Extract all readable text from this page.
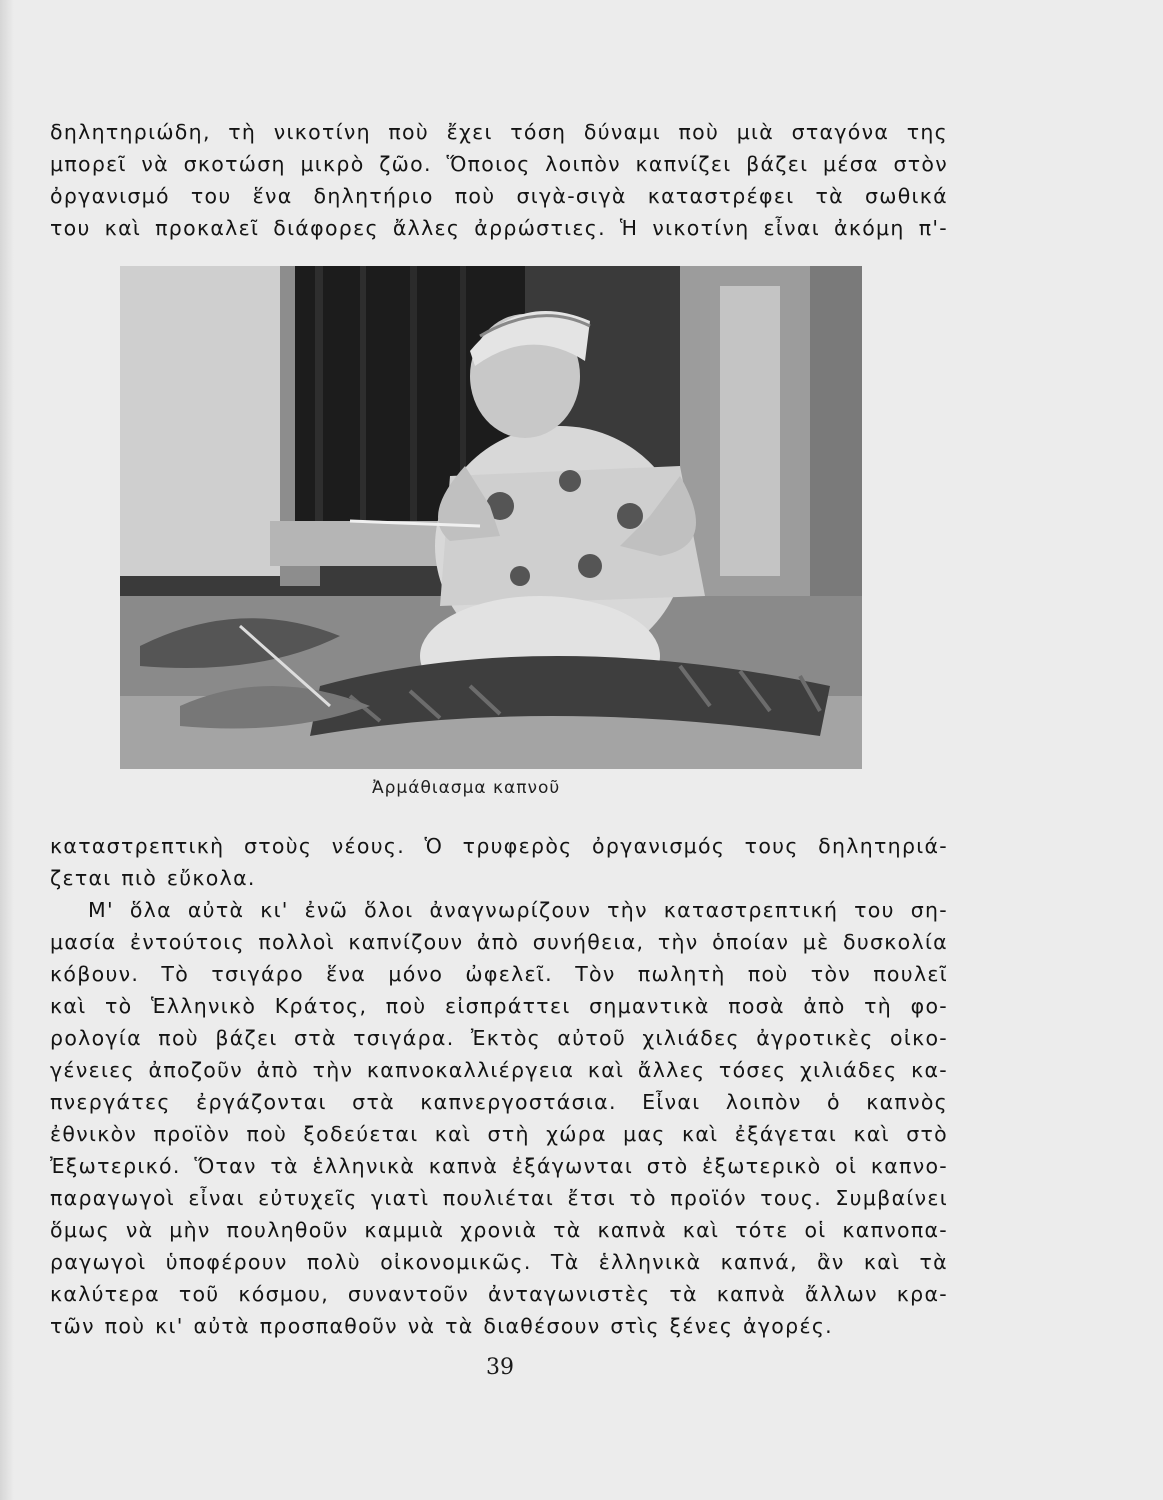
δηλητηριώδη, τὴ νικοτίνη ποὺ ἔχει τόση δύναμι ποὺ μιὰ σταγόνα της
μπορεῖ νὰ σκοτώση μικρὸ ζῶο. Ὅποιος λοιπὸν καπνίζει βάζει μέσα στὸν
ὀργανισμό του ἕνα δηλητήριο ποὺ σιγὰ-σιγὰ καταστρέφει τὰ σωθικά
του καὶ προκαλεῖ διάφορες ἄλλες ἀρρώστιες. Ἡ νικοτίνη εἶναι ἀκόμη π'-
Ἀρμάθιασμα καπνοῦ
καταστρεπτικὴ στοὺς νέους. Ὁ τρυφερὸς ὀργανισμός τους δηλητηριά-
ζεται πιὸ εὔκολα.
Μ' ὅλα αὐτὰ κι' ἐνῶ ὅλοι ἀναγνωρίζουν τὴν καταστρεπτική του ση-
μασία ἐντούτοις πολλοὶ καπνίζουν ἀπὸ συνήθεια, τὴν ὁποίαν μὲ δυσκολία
κόβουν. Τὸ τσιγάρο ἕνα μόνο ὠφελεῖ. Τὸν πωλητὴ ποὺ τὸν πουλεῖ
καὶ τὸ Ἑλληνικὸ Κράτος, ποὺ εἰσπράττει σημαντικὰ ποσὰ ἀπὸ τὴ φο-
ρολογία ποὺ βάζει στὰ τσιγάρα. Ἐκτὸς αὐτοῦ χιλιάδες ἀγροτικὲς οἰκο-
γένειες ἀποζοῦν ἀπὸ τὴν καπνοκαλλιέργεια καὶ ἄλλες τόσες χιλιάδες κα-
πνεργάτες ἐργάζονται στὰ καπνεργοστάσια. Εἶναι λοιπὸν ὁ καπνὸς
ἐθνικὸν προϊὸν ποὺ ξοδεύεται καὶ στὴ χώρα μας καὶ ἐξάγεται καὶ στὸ
Ἐξωτερικό. Ὅταν τὰ ἑλληνικὰ καπνὰ ἐξάγωνται στὸ ἐξωτερικὸ οἱ καπνο-
παραγωγοὶ εἶναι εὐτυχεῖς γιατὶ πουλιέται ἔτσι τὸ προϊόν τους. Συμβαίνει
ὅμως νὰ μὴν πουληθοῦν καμμιὰ χρονιὰ τὰ καπνὰ καὶ τότε οἱ καπνοπα-
ραγωγοὶ ὑποφέρουν πολὺ οἰκονομικῶς. Τὰ ἑλληνικὰ καπνά, ἂν καὶ τὰ
καλύτερα τοῦ κόσμου, συναντοῦν ἀνταγωνιστὲς τὰ καπνὰ ἄλλων κρα-
τῶν ποὺ κι' αὐτὰ προσπαθοῦν νὰ τὰ διαθέσουν στὶς ξένες ἀγορές.
39
